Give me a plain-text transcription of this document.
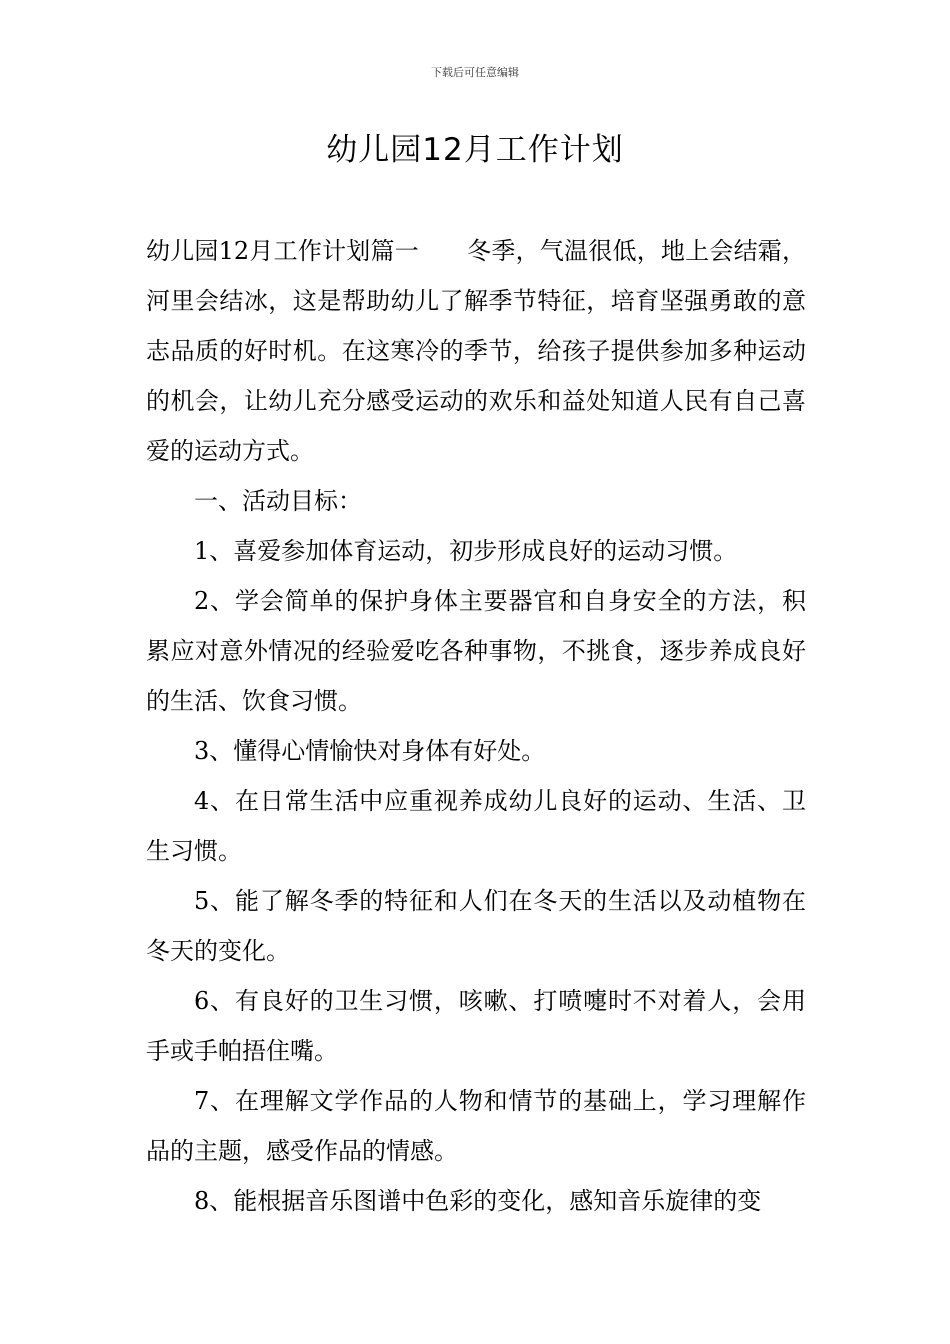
下载后可任意编辑
幼儿园12月工作计划

幼儿园12月工作计划篇一 冬季，气温很低，地上会结霜，河里会结冰，这是帮助幼儿了解季节特征，培育坚强勇敢的意志品质的好时机。在这寒冷的季节，给孩子提供参加多种运动的机会，让幼儿充分感受运动的欢乐和益处知道人民有自己喜爱的运动方式。

一、活动目标：

1、喜爱参加体育运动，初步形成良好的运动习惯。

2、学会简单的保护身体主要器官和自身安全的方法，积累应对意外情况的经验爱吃各种事物，不挑食，逐步养成良好的生活、饮食习惯。

3、懂得心情愉快对身体有好处。

4、在日常生活中应重视养成幼儿良好的运动、生活、卫生习惯。

5、能了解冬季的特征和人们在冬天的生活以及动植物在冬天的变化。

6、有良好的卫生习惯，咳嗽、打喷嚏时不对着人，会用手或手帕捂住嘴。

7、在理解文学作品的人物和情节的基础上，学习理解作品的主题，感受作品的情感。

8、能根据音乐图谱中色彩的变化，感知音乐旋律的变
